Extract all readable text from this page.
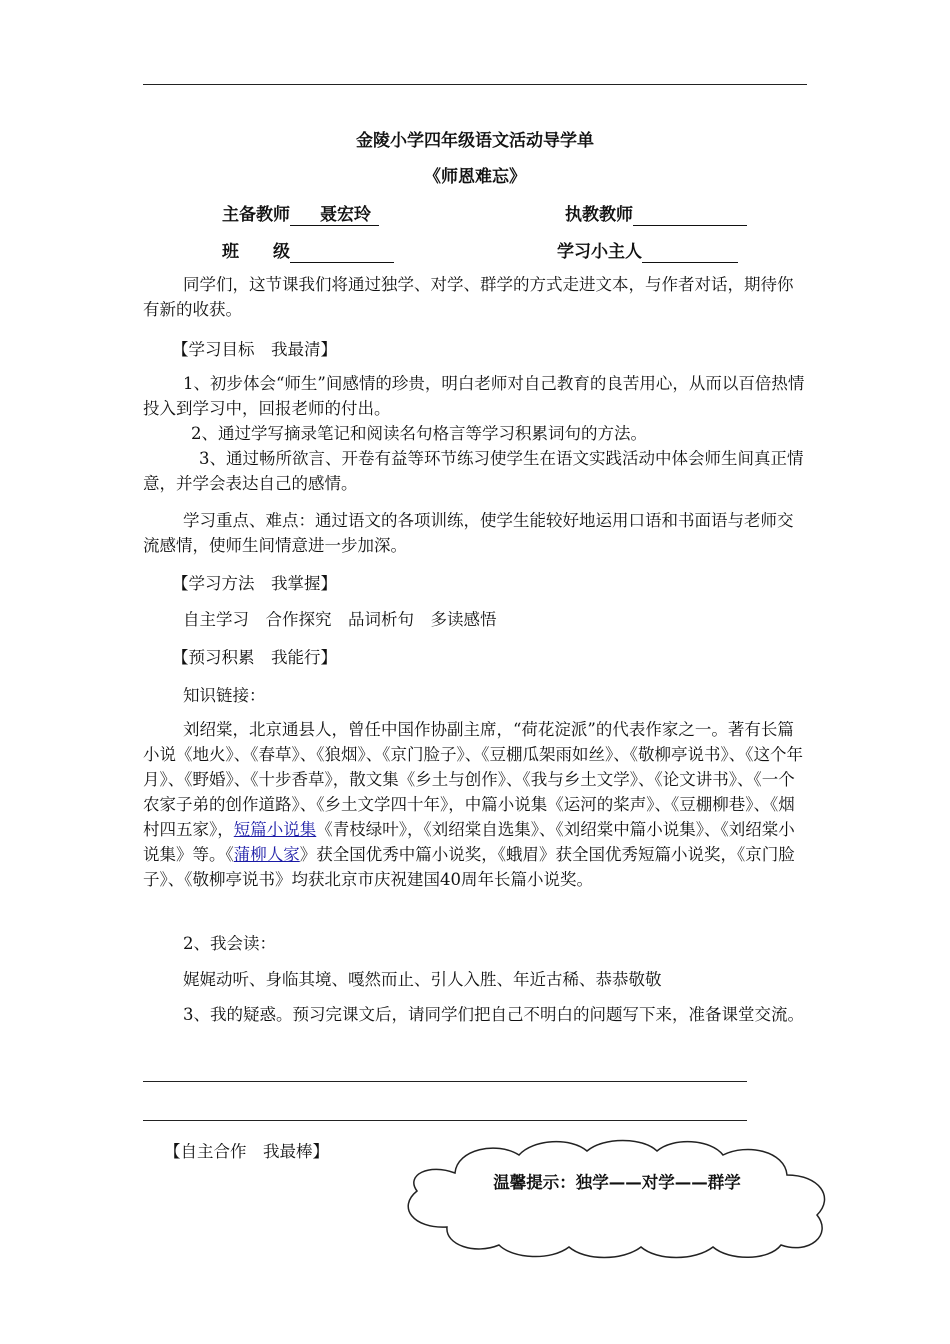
金陵小学四年级语文活动导学单
《师恩难忘》
主备教师 聂宏玲	执教教师
班　　级	学习小主人
同学们，这节课我们将通过独学、对学、群学的方式走进文本，与作者对话，期待你有新的收获。
【学习目标　我最清】
1、初步体会“师生”间感情的珍贵，明白老师对自己教育的良苦用心，从而以百倍热情投入到学习中，回报老师的付出。
2、通过学写摘录笔记和阅读名句格言等学习积累词句的方法。
3、通过畅所欲言、开卷有益等环节练习使学生在语文实践活动中体会师生间真正情意，并学会表达自己的感情。
学习重点、难点：通过语文的各项训练，使学生能较好地运用口语和书面语与老师交流感情，使师生间情意进一步加深。
【学习方法　我掌握】
自主学习　合作探究　品词析句　多读感悟
【预习积累　我能行】
知识链接：
刘绍棠，北京通县人，曾任中国作协副主席，“荷花淀派”的代表作家之一。著有长篇小说《地火》、《春草》、《狼烟》、《京门脸子》、《豆棚瓜架雨如丝》、《敬柳亭说书》、《这个年月》、《野婚》、《十步香草》，散文集《乡土与创作》、《我与乡土文学》、《论文讲书》、《一个农家子弟的创作道路》、《乡土文学四十年》，中篇小说集《运河的桨声》、《豆棚柳巷》、《烟村四五家》，短篇小说集《青枝绿叶》，《刘绍棠自选集》、《刘绍棠中篇小说集》、《刘绍棠小说集》等。《蒲柳人家》获全国优秀中篇小说奖，《蛾眉》获全国优秀短篇小说奖，《京门脸子》、《敬柳亭说书》均获北京市庆祝建国40周年长篇小说奖。
2、我会读：
娓娓动听、身临其境、嘎然而止、引人入胜、年近古稀、恭恭敬敬
3、我的疑惑。预习完课文后，请同学们把自己不明白的问题写下来，准备课堂交流。
【自主合作　我最棒】
温馨提示：独学——对学——群学
